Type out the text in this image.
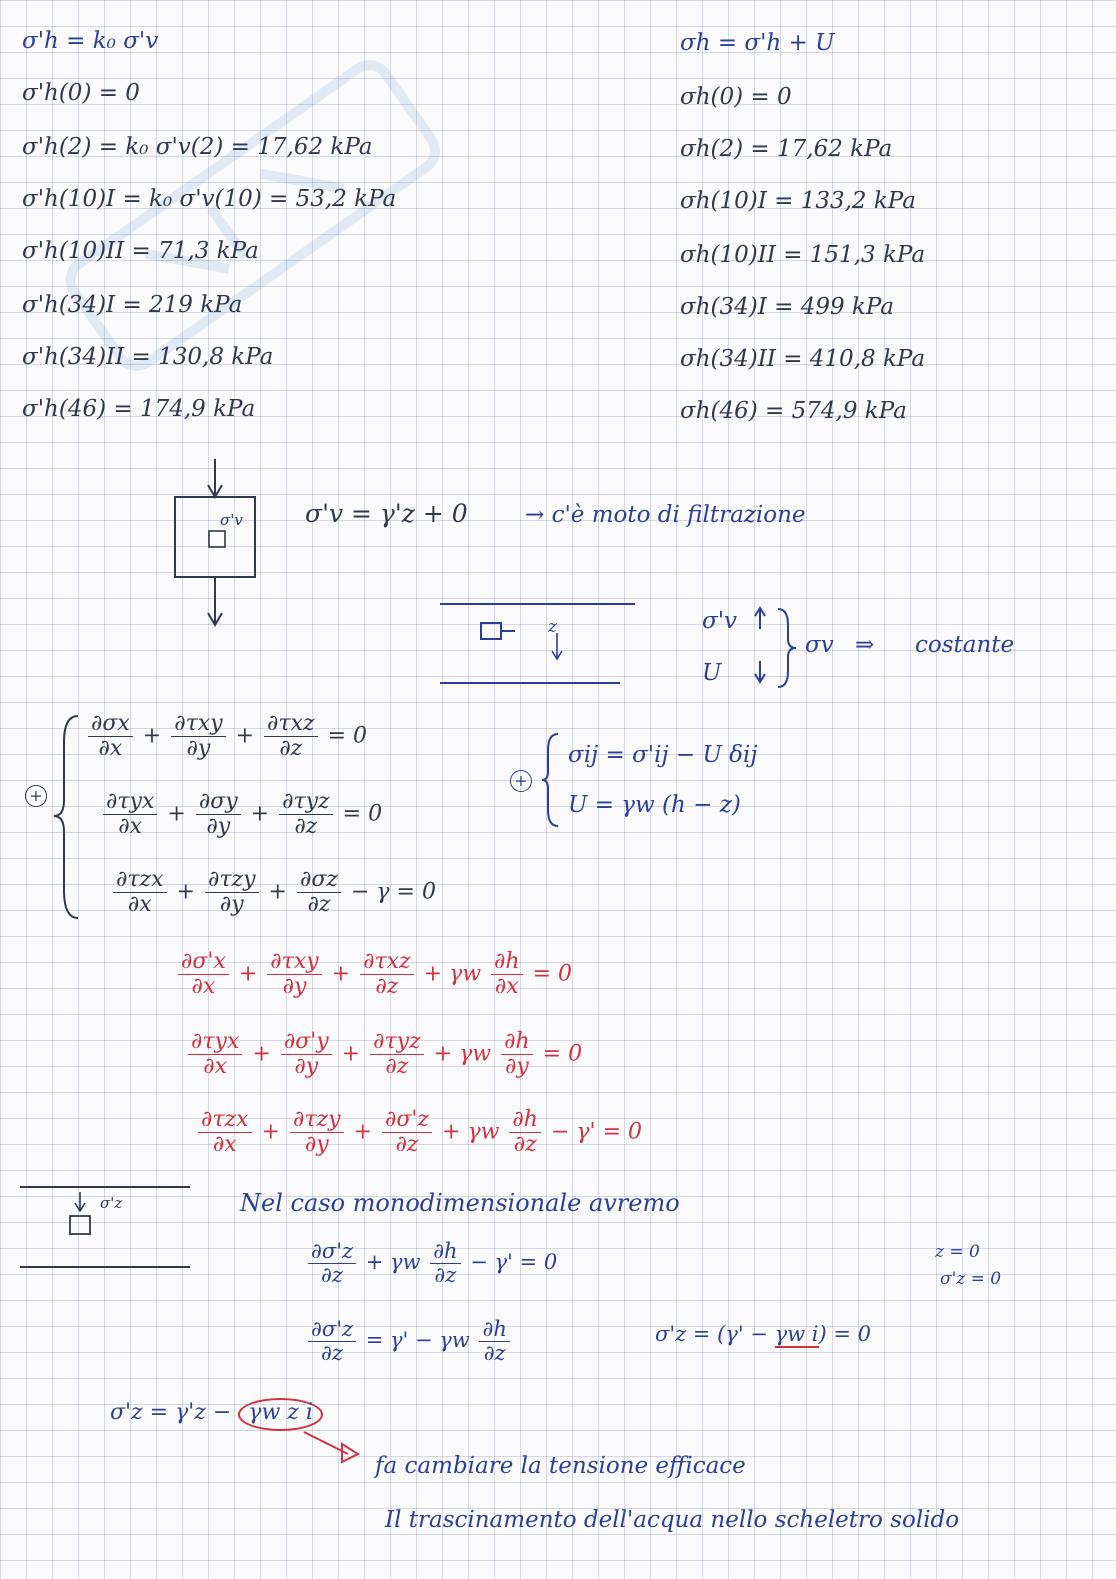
σ'h = k₀ σ'v
σ'h(0) = 0
σ'h(2) = k₀ σ'v(2) = 17,62 kPa
σ'h(10)I = k₀ σ'v(10) = 53,2 kPa
σ'h(10)II = 71,3 kPa
σ'h(34)I = 219 kPa
σ'h(34)II = 130,8 kPa
σ'h(46) = 174,9 kPa
σh = σ'h + U
σh(0) = 0
σh(2) = 17,62 kPa
σh(10)I = 133,2 kPa
σh(10)II = 151,3 kPa
σh(34)I = 499 kPa
σh(34)II = 410,8 kPa
σh(46) = 574,9 kPa
σ'v σ'v = γ'z + 0 → c'è moto di filtrazione
z	σ'v
U
σv ⇒ costante
+
$\frac{\partial\sigma x}{\partial x} + \frac{\text{∂τxy}}{\partial y} + \frac{\text{∂τxz}}{\partial z} = 0$
$\frac{\text{∂τyx}}{\partial x} + \frac{\partial\sigma y}{\partial y} + \frac{\text{∂τyz}}{\partial z} = 0$
$\frac{\text{∂τzx}}{\partial x} + \frac{\text{∂τzy}}{\partial y} + \frac{\partial\sigma z}{\partial z} - \gamma = 0$
+
σij = σ'ij − U δij
U = γw (h − z)
$\frac{\partial\sigma'x}{\partial x} + \frac{\text{∂τxy}}{\partial y} + \frac{\text{∂τxz}}{\partial z} + \gamma w \frac{\partial h}{\partial x} = 0$
$\frac{\text{∂τyx}}{\partial x} + \frac{\partial\sigma'y}{\partial y} + \frac{\text{∂τyz}}{\partial z} + \gamma w \frac{\partial h}{\partial y} = 0$
$\frac{\text{∂τzx}}{\partial x} + \frac{\text{∂τzy}}{\partial y} + \frac{\partial\sigma'z}{\partial z} + \gamma w \frac{\partial h}{\partial z} - \gamma' = 0$
σ'z	Nel caso monodimensionale avremo
$\frac{\partial\sigma'z}{\partial z} + \gamma w \frac{\partial h}{\partial z} - \gamma' = 0$	z = 0
σ'z = 0
$\frac{\partial\sigma'z}{\partial z} = \gamma' - \gamma w \frac{\partial h}{\partial z}$	σ'z = (γ' − γw i) = 0
σ'z = γ'z − γw z i
fa cambiare la tensione efficace
Il trascinamento dell'acqua nello scheletro solido
